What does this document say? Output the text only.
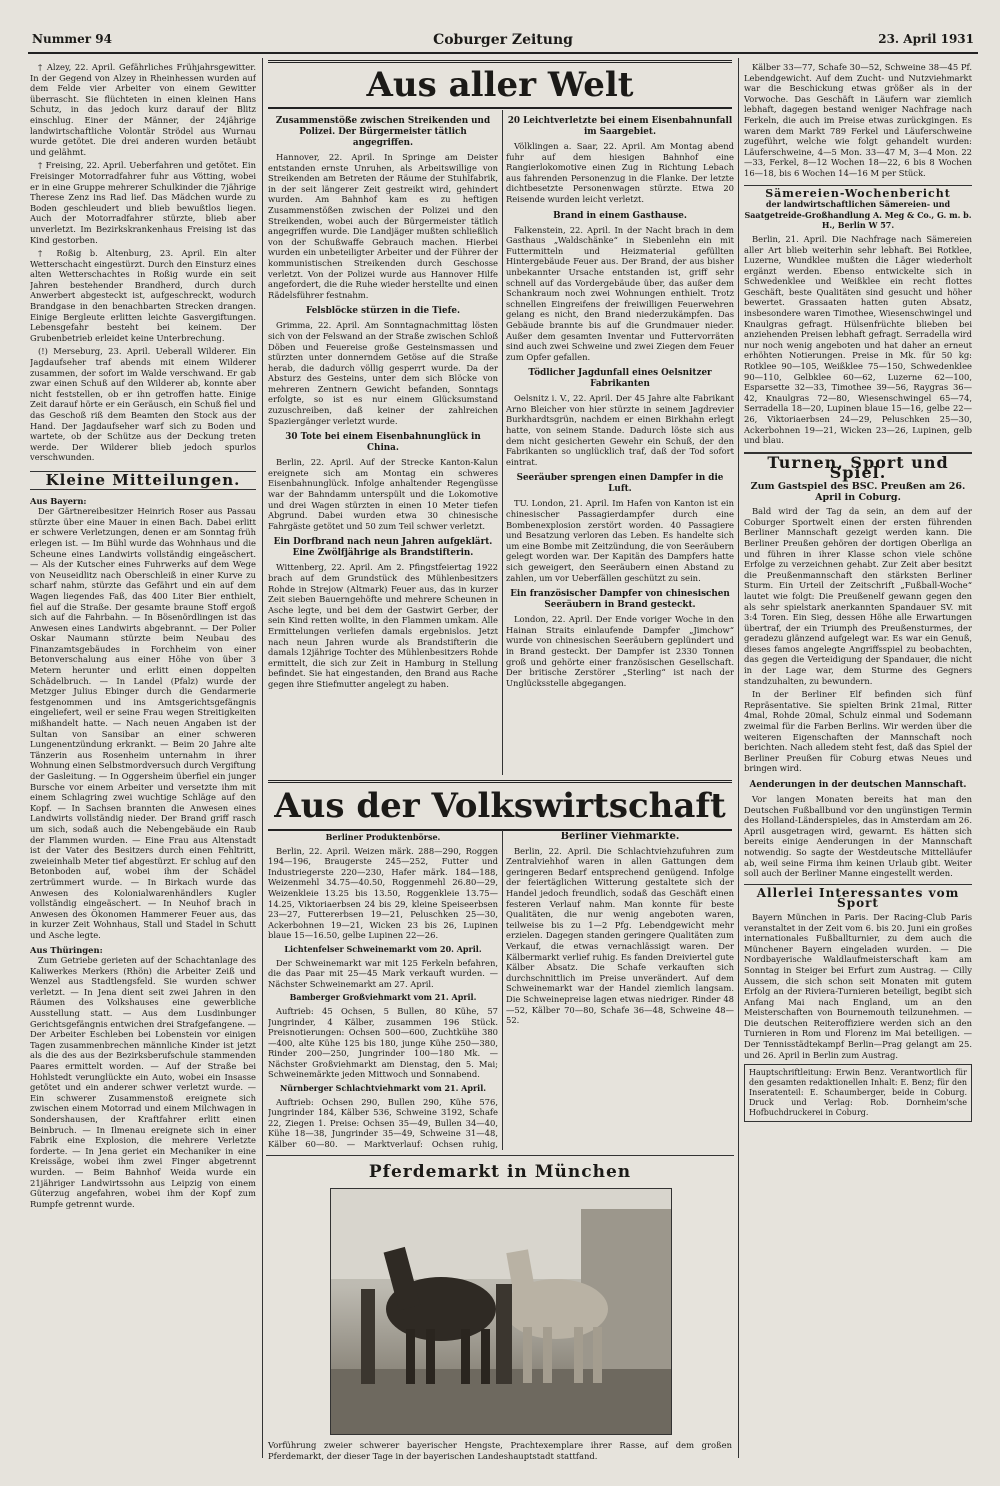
Nummer 94	Coburger Zeitung	23. April 1931

† Alzey, 22. April. Gefährliches Frühjahrsgewitter. In der Gegend von Alzey in Rheinhessen wurden auf dem Felde vier Arbeiter von einem Gewitter überrascht. Sie flüchteten in einen kleinen Hans Schutz, in das jedoch kurz darauf der Blitz einschlug. Einer der Männer, der 24jährige landwirtschaftliche Volontär Strödel aus Wurnau wurde getötet. Die drei anderen wurden betäubt und gelähmt.

† Freising, 22. April. Ueberfahren und getötet. Ein Freisinger Motorradfahrer fuhr aus Vötting, wobei er in eine Gruppe mehrerer Schulkinder die 7jährige Therese Zenz ins Rad lief. Das Mädchen wurde zu Boden geschleudert und blieb bewußtlos liegen. Auch der Motorradfahrer stürzte, blieb aber unverletzt. Im Bezirkskrankenhaus Freising ist das Kind gestorben.

† Roßig b. Altenburg, 23. April. Ein alter Wetterschacht eingestürzt. Durch den Einsturz eines alten Wetterschachtes in Roßig wurde ein seit Jahren bestehender Brandherd, durch durch Anwerbert abgesteckt ist, aufgeschreckt, wodurch Brandgase in den benachbarten Strecken drangen. Einige Bergleute erlitten leichte Gasvergiftungen. Lebensgefahr besteht bei keinem. Der Grubenbetrieb erleidet keine Unterbrechung.

(!) Merseburg, 23. April. Ueberall Wilderer. Ein Jagdaufseher traf abends mit einem Wilderer zusammen, der sofort im Walde verschwand. Er gab zwar einen Schuß auf den Wilderer ab, konnte aber nicht feststellen, ob er ihn getroffen hatte. Einige Zeit darauf hörte er ein Geräusch, ein Schuß fiel und das Geschoß riß dem Beamten den Stock aus der Hand. Der Jagdaufseher warf sich zu Boden und wartete, ob der Schütze aus der Deckung treten werde. Der Wilderer blieb jedoch spurlos verschwunden.

Kleine Mitteilungen.
Aus Bayern:

Der Gärtnereibesitzer Heinrich Roser aus Passau stürzte über eine Mauer in einen Bach. Dabei erlitt er schwere Verletzungen, denen er am Sonntag früh erlegen ist. — Im Bühl wurde das Wohnhaus und die Scheune eines Landwirts vollständig eingeäschert. — Als der Kutscher eines Fuhrwerks auf dem Wege von Neuseidlitz nach Oberschleiß in einer Kurve zu scharf nahm, stürzte das Gefährt und ein auf dem Wagen liegendes Faß, das 400 Liter Bier enthielt, fiel auf die Straße. Der gesamte braune Stoff ergoß sich auf die Fahrbahn. — In Bösenördlingen ist das Anwesen eines Landwirts abgebrannt. — Der Polier Oskar Naumann stürzte beim Neubau des Finanzamtsgebäudes in Forchheim von einer Betonverschalung aus einer Höhe von über 3 Metern herunter und erlitt einen doppelten Schädelbruch. — In Landel (Pfalz) wurde der Metzger Julius Ebinger durch die Gendarmerie festgenommen und ins Amtsgerichtsgefängnis eingeliefert, weil er seine Frau wegen Streitigkeiten mißhandelt hatte. — Nach neuen Angaben ist der Sultan von Sansibar an einer schweren Lungenentzündung erkrankt. — Beim 20 Jahre alte Tänzerin aus Rosenheim unternahm in ihrer Wohnung einen Selbstmordversuch durch Vergiftung der Gasleitung. — In Oggersheim überfiel ein junger Bursche vor einem Arbeiter und versetzte ihm mit einem Schlagring zwei wuchtige Schläge auf den Kopf. — In Sachsen brannten die Anwesen eines Landwirts vollständig nieder. Der Brand griff rasch um sich, sodaß auch die Nebengebäude ein Raub der Flammen wurden. — Eine Frau aus Altenstadt ist der Vater des Besitzers durch einen Fehltritt, zweieinhalb Meter tief abgestürzt. Er schlug auf den Betonboden auf, wobei ihm der Schädel zertrümmert wurde. — In Birkach wurde das Anwesen des Kolonialwarenhändlers Kugler vollständig eingeäschert. — In Neuhof brach in Anwesen des Ökonomen Hammerer Feuer aus, das in kurzer Zeit Wohnhaus, Stall und Stadel in Schutt und Asche legte.

Aus Thüringen:

Zum Getriebe gerieten auf der Schachtanlage des Kaliwerkes Merkers (Rhön) die Arbeiter Zeiß und Wenzel aus Stadtlengsfeld. Sie wurden schwer verletzt. — In Jena dient seit zwei Jahren in den Räumen des Volkshauses eine gewerbliche Ausstellung statt. — Aus dem Lusdinbunger Gerichtsgefängnis entwichen drei Strafgefangene. — Der Arbeiter Eschleben bei Lobenstein vor einigen Tagen zusammenbrechen männliche Kinder ist jetzt als die des aus der Bezirksberufschule stammenden Paares ermittelt worden. — Auf der Straße bei Hohlstedt verunglückte ein Auto, wobei ein Insasse getötet und ein anderer schwer verletzt wurde. — Ein schwerer Zusammenstoß ereignete sich zwischen einem Motorrad und einem Milchwagen in Sondershausen, der Kraftfahrer erlitt einen Beinbruch. — In Ilmenau ereignete sich in einer Fabrik eine Explosion, die mehrere Verletzte forderte. — In Jena geriet ein Mechaniker in eine Kreissäge, wobei ihm zwei Finger abgetrennt wurden. — Beim Bahnhof Weida wurde ein 21jähriger Landwirtssohn aus Leipzig von einem Güterzug angefahren, wobei ihm der Kopf zum Rumpfe getrennt wurde.

Aus aller Welt
Zusammenstöße zwischen Streikenden und Polizei. Der Bürgermeister tätlich angegriffen.

Hannover, 22. April. In Springe am Deister entstanden ernste Unruhen, als Arbeitswillige von Streikenden am Betreten der Räume der Stuhlfabrik, in der seit längerer Zeit gestreikt wird, gehindert wurden. Am Bahnhof kam es zu heftigen Zusammenstößen zwischen der Polizei und den Streikenden, wobei auch der Bürgermeister tätlich angegriffen wurde. Die Landjäger mußten schließlich von der Schußwaffe Gebrauch machen. Hierbei wurden ein unbeteiligter Arbeiter und der Führer der kommunistischen Streikenden durch Geschosse verletzt. Von der Polizei wurde aus Hannover Hilfe angefordert, die die Ruhe wieder herstellte und einen Rädelsführer festnahm.

Felsblöcke stürzen in die Tiefe.

Grimma, 22. April. Am Sonntagnachmittag lösten sich von der Felswand an der Straße zwischen Schloß Döben und Feuereise große Gesteinsmassen und stürzten unter donnerndem Getöse auf die Straße herab, die dadurch völlig gesperrt wurde. Da der Absturz des Gesteins, unter dem sich Blöcke von mehreren Zentnern Gewicht befanden, Sonntags erfolgte, so ist es nur einem Glücksumstand zuzuschreiben, daß keiner der zahlreichen Spaziergänger verletzt wurde.

30 Tote bei einem Eisenbahnunglück in China.

Berlin, 22. April. Auf der Strecke Kanton-Kalun ereignete sich am Montag ein schweres Eisenbahnunglück. Infolge anhaltender Regengüsse war der Bahndamm unterspült und die Lokomotive und drei Wagen stürzten in einen 10 Meter tiefen Abgrund. Dabei wurden etwa 30 chinesische Fahrgäste getötet und 50 zum Teil schwer verletzt.

Ein Dorfbrand nach neun Jahren aufgeklärt. Eine Zwölfjährige als Brandstifterin.

Wittenberg, 22. April. Am 2. Pfingstfeiertag 1922 brach auf dem Grundstück des Mühlenbesitzers Rohde in Strejow (Altmark) Feuer aus, das in kurzer Zeit sieben Bauerngehöfte und mehrere Scheunen in Asche legte, und bei dem der Gastwirt Gerber, der sein Kind retten wollte, in den Flammen umkam. Alle Ermittelungen verliefen damals ergebnislos. Jetzt nach neun Jahren wurde als Brandstifterin die damals 12jährige Tochter des Mühlenbesitzers Rohde ermittelt, die sich zur Zeit in Hamburg in Stellung befindet. Sie hat eingestanden, den Brand aus Rache gegen ihre Stiefmutter angelegt zu haben.

20 Leichtverletzte bei einem Eisenbahnunfall im Saargebiet.

Völklingen a. Saar, 22. April. Am Montag abend fuhr auf dem hiesigen Bahnhof eine Rangierlokomotive einen Zug in Richtung Lebach aus fahrenden Personenzug in die Flanke. Der letzte dichtbesetzte Personenwagen stürzte. Etwa 20 Reisende wurden leicht verletzt.

Brand in einem Gasthause.

Falkenstein, 22. April. In der Nacht brach in dem Gasthaus „Waldschänke“ in Siebenlehn ein mit Futtermitteln und Heizmaterial gefüllten Hintergebäude Feuer aus. Der Brand, der aus bisher unbekannter Ursache entstanden ist, griff sehr schnell auf das Vordergebäude über, das außer dem Schankraum noch zwei Wohnungen enthielt. Trotz schnellen Eingreifens der freiwilligen Feuerwehren gelang es nicht, den Brand niederzukämpfen. Das Gebäude brannte bis auf die Grundmauer nieder. Außer dem gesamten Inventar und Futtervorräten sind auch zwei Schweine und zwei Ziegen dem Feuer zum Opfer gefallen.

Tödlicher Jagdunfall eines Oelsnitzer Fabrikanten

Oelsnitz i. V., 22. April. Der 45 Jahre alte Fabrikant Arno Bleicher von hier stürzte in seinem Jagdrevier Burkhardtsgrün, nachdem er einen Birkhahn erlegt hatte, von seinem Stande. Dadurch löste sich aus dem nicht gesicherten Gewehr ein Schuß, der den Fabrikanten so unglücklich traf, daß der Tod sofort eintrat.

Seeräuber sprengen einen Dampfer in die Luft.

TU. London, 21. April. Im Hafen von Kanton ist ein chinesischer Passagierdampfer durch eine Bombenexplosion zerstört worden. 40 Passagiere und Besatzung verloren das Leben. Es handelte sich um eine Bombe mit Zeitzündung, die von Seeräubern gelegt worden war. Der Kapitän des Dampfers hatte sich geweigert, den Seeräubern einen Abstand zu zahlen, um vor Ueberfällen geschützt zu sein.

Ein französischer Dampfer von chinesischen Seeräubern in Brand gesteckt.

London, 22. April. Der Ende voriger Woche in den Hainan Straits einlaufende Dampfer „Jimchow“ wurde von chinesischen Seeräubern geplündert und in Brand gesteckt. Der Dampfer ist 2330 Tonnen groß und gehörte einer französischen Gesellschaft. Der britische Zerstörer „Sterling“ ist nach der Unglücksstelle abgegangen.

Aus der Volkswirtschaft
Berliner Produktenbörse.

Berlin, 22. April. Weizen märk. 288—290, Roggen 194—196, Braugerste 245—252, Futter und Industriegerste 220—230, Hafer märk. 184—188, Weizenmehl 34.75—40.50, Roggenmehl 26.80—29, Weizenkleie 13.25 bis 13.50, Roggenkleie 13.75—14.25, Viktoriaerbsen 24 bis 29, kleine Speiseerbsen 23—27, Futtererbsen 19—21, Peluschken 25—30, Ackerbohnen 19—21, Wicken 23 bis 26, Lupinen blaue 15—16.50, gelbe Lupinen 22—26.

Lichtenfelser Schweinemarkt vom 20. April.

Der Schweinemarkt war mit 125 Ferkeln befahren, die das Paar mit 25—45 Mark verkauft wurden. — Nächster Schweinemarkt am 27. April.

Bamberger Großviehmarkt vom 21. April.

Auftrieb: 45 Ochsen, 5 Bullen, 80 Kühe, 57 Jungrinder, 4 Kälber, zusammen 196 Stück. Preisnotierungen: Ochsen 500—600, Zuchtkühe 380—400, alte Kühe 125 bis 180, junge Kühe 250—380, Rinder 200—250, Jungrinder 100—180 Mk. — Nächster Großviehmarkt am Dienstag, den 5. Mai; Schweinemärkte jeden Mittwoch und Sonnabend.

Nürnberger Schlachtviehmarkt vom 21. April.

Auftrieb: Ochsen 290, Bullen 290, Kühe 576, Jungrinder 184, Kälber 536, Schweine 3192, Schafe 22, Ziegen 1. Preise: Ochsen 35—49, Bullen 34—40, Kühe 18—38, Jungrinder 35—49, Schweine 31—48, Kälber 60—80. — Marktverlauf: Ochsen ruhig,

Berliner Viehmärkte.

Berlin, 22. April. Die Schlachtviehzufuhren zum Zentralviehhof waren in allen Gattungen dem geringeren Bedarf entsprechend genügend. Infolge der feiertäglichen Witterung gestaltete sich der Handel jedoch freundlich, sodaß das Geschäft einen festeren Verlauf nahm. Man konnte für beste Qualitäten, die nur wenig angeboten waren, teilweise bis zu 1—2 Pfg. Lebendgewicht mehr erzielen. Dagegen standen geringere Qualitäten zum Verkauf, die etwas vernachlässigt waren. Der Kälbermarkt verlief ruhig. Es fanden Dreiviertel gute Kälber Absatz. Die Schafe verkauften sich durchschnittlich im Preise unverändert. Auf dem Schweinemarkt war der Handel ziemlich langsam. Die Schweinepreise lagen etwas niedriger. Rinder 48—52, Kälber 70—80, Schafe 36—48, Schweine 48—52.

Pferdemarkt in München
Vorführung zweier schwerer bayerischer Hengste, Prachtexemplare ihrer Rasse, auf dem großen Pferdemarkt, der dieser Tage in der bayerischen Landeshauptstadt stattfand.

Kälber 33—77, Schafe 30—52, Schweine 38—45 Pf. Lebendgewicht. Auf dem Zucht- und Nutzviehmarkt war die Beschickung etwas größer als in der Vorwoche. Das Geschäft in Läufern war ziemlich lebhaft, dagegen bestand weniger Nachfrage nach Ferkeln, die auch im Preise etwas zurückgingen. Es waren dem Markt 789 Ferkel und Läuferschweine zugeführt, welche wie folgt gehandelt wurden: Läuferschweine, 4—5 Mon. 33—47 M, 3—4 Mon. 22—33, Ferkel, 8—12 Wochen 18—22, 6 bis 8 Wochen 16—18, bis 6 Wochen 14—16 M per Stück.

Sämereien-Wochenbericht
der landwirtschaftlichen Sämereien- und Saatgetreide-Großhandlung A. Meg & Co., G. m. b. H., Berlin W 57.

Berlin, 21. April. Die Nachfrage nach Sämereien aller Art blieb weiterhin sehr lebhaft. Bei Rotklee, Luzerne, Wundklee mußten die Läger wiederholt ergänzt werden. Ebenso entwickelte sich in Schwedenklee und Weißklee ein recht flottes Geschäft, beste Qualitäten sind gesucht und höher bewertet. Grassaaten hatten guten Absatz, insbesondere waren Timothee, Wiesenschwingel und Knaulgras gefragt. Hülsenfrüchte blieben bei anziehenden Preisen lebhaft gefragt. Serradella wird nur noch wenig angeboten und hat daher an erneut erhöhten Notierungen. Preise in Mk. für 50 kg: Rotklee 90—105, Weißklee 75—150, Schwedenklee 90—110, Gelbklee 60—62, Luzerne 62—100, Esparsette 32—33, Timothee 39—56, Raygras 36—42, Knaulgras 72—80, Wiesenschwingel 65—74, Serradella 18—20, Lupinen blaue 15—16, gelbe 22—26, Viktoriaerbsen 24—29, Peluschken 25—30, Ackerbohnen 19—21, Wicken 23—26, Lupinen, gelb und blau.

Turnen, Sport und Spiel.
Zum Gastspiel des BSC. Preußen am 26. April in Coburg.

Bald wird der Tag da sein, an dem auf der Coburger Sportwelt einen der ersten führenden Berliner Mannschaft gezeigt werden kann. Die Berliner Preußen gehören der dortigen Oberliga an und führen in ihrer Klasse schon viele schöne Erfolge zu verzeichnen gehabt. Zur Zeit aber besitzt die Preußenmannschaft den stärksten Berliner Sturm. Ein Urteil der Zeitschrift „Fußball-Woche“ lautet wie folgt: Die Preußenelf gewann gegen den als sehr spielstark anerkannten Spandauer SV. mit 3:4 Toren. Ein Sieg, dessen Höhe alle Erwartungen übertraf, der ein Triumph des Preußensturmes, der geradezu glänzend aufgelegt war. Es war ein Genuß, dieses famos angelegte Angriffsspiel zu beobachten, das gegen die Verteidigung der Spandauer, die nicht in der Lage war, dem Sturme des Gegners standzuhalten, zu bewundern.

In der Berliner Elf befinden sich fünf Repräsentative. Sie spielten Brink 21mal, Ritter 4mal, Rohde 20mal, Schulz einmal und Sodemann zweimal für die Farben Berlins. Wir werden über die weiteren Eigenschaften der Mannschaft noch berichten. Nach alledem steht fest, daß das Spiel der Berliner Preußen für Coburg etwas Neues und bringen wird.

Aenderungen in der deutschen Mannschaft.

Vor langen Monaten bereits hat man den Deutschen Fußballbund vor den ungünstigen Termin des Holland-Länderspieles, das in Amsterdam am 26. April ausgetragen wird, gewarnt. Es hätten sich bereits einige Aenderungen in der Mannschaft notwendig. So sagte der Westdeutsche Mittelläufer ab, weil seine Firma ihm keinen Urlaub gibt. Weiter soll auch der Berliner Manne eingestellt werden.

Allerlei Interessantes vom Sport

Bayern München in Paris. Der Racing-Club Paris veranstaltet in der Zeit vom 6. bis 20. Juni ein großes internationales Fußballturnier, zu dem auch die Münchener Bayern eingeladen wurden. — Die Nordbayerische Waldlaufmeisterschaft kam am Sonntag in Steiger bei Erfurt zum Austrag. — Cilly Aussem, die sich schon seit Monaten mit gutem Erfolg an der Riviera-Turnieren beteiligt, begibt sich Anfang Mai nach England, um an den Meisterschaften von Bournemouth teilzunehmen. — Die deutschen Reiteroffiziere werden sich an den Turnieren in Rom und Florenz im Mai beteiligen. — Der Tennisstädtekampf Berlin—Prag gelangt am 25. und 26. April in Berlin zum Austrag.

Hauptschriftleitung: Erwin Benz. Verantwortlich für den gesamten redaktionellen Inhalt: E. Benz; für den Inseratenteil: E. Schaumberger, beide in Coburg. Druck und Verlag: Rob. Dornheim'sche Hofbuchdruckerei in Coburg.
